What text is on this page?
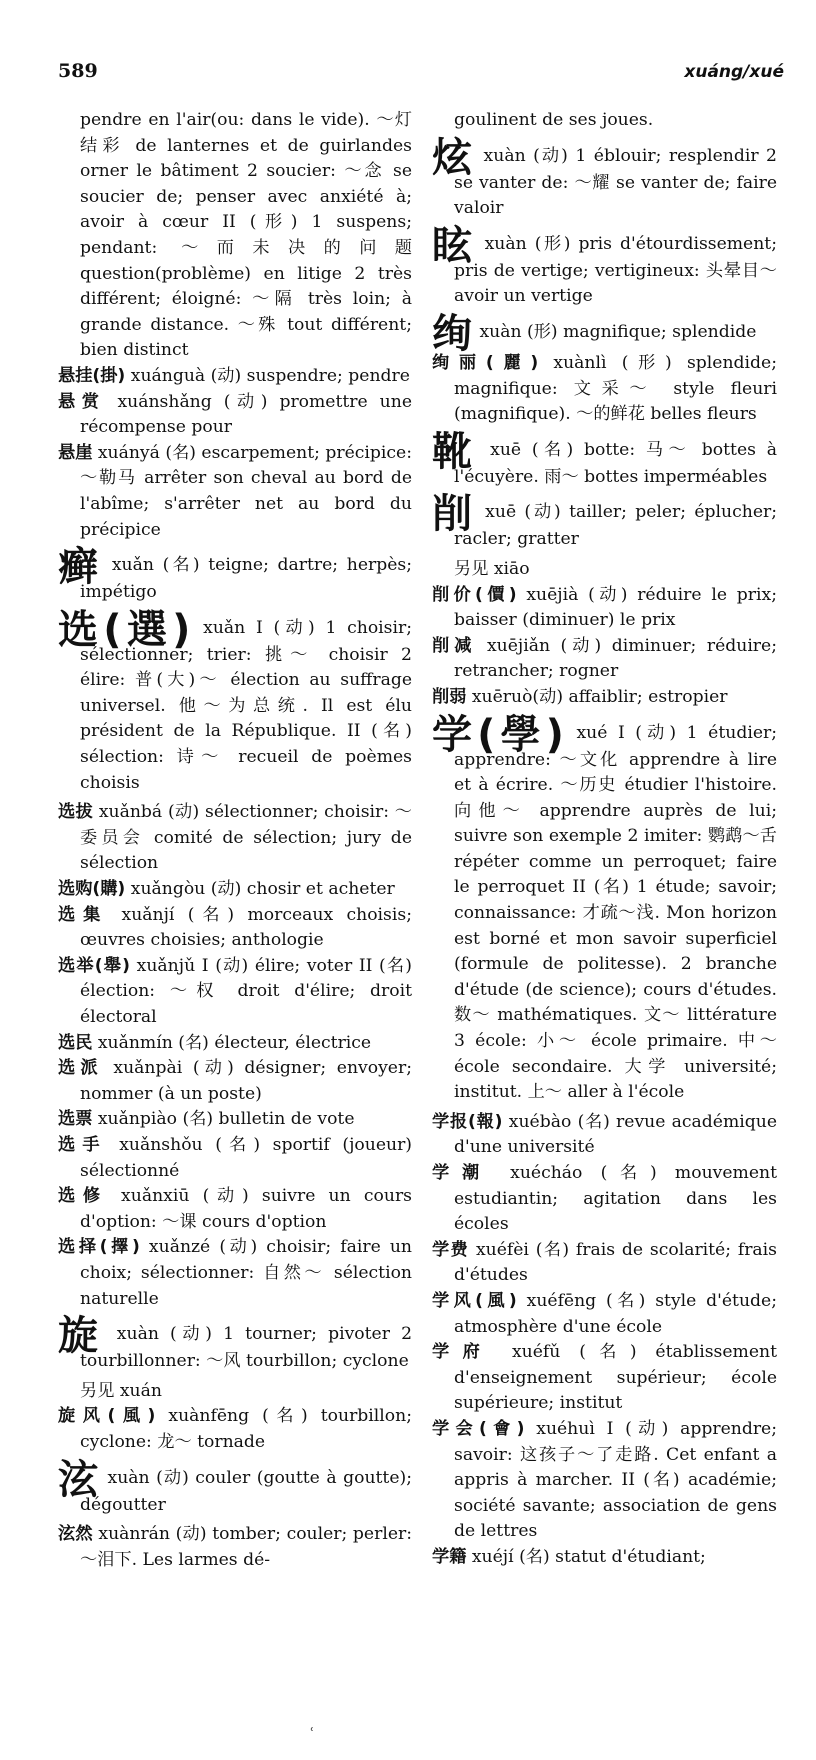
589	xuáng/xué
pendre en l'air(ou: dans le vide). ～灯结彩 de lanternes et de guirlandes orner le bâtiment 2 soucier: ～念 se soucier de; penser avec anxiété à; avoir à cœur II (形) 1 suspens; pendant: ～而未决的问题 question(problème) en litige 2 très différent; éloigné: ～隔 très loin; à grande distance. ～殊 tout différent; bien distinct
悬挂(掛) xuánguà (动) suspendre; pendre
悬赏 xuánshǎng (动) promettre une récompense pour
悬崖 xuányá (名) escarpement; précipice: ～勒马 arrêter son cheval au bord de l'abîme; s'arrêter net au bord du précipice
癣 xuǎn (名) teigne; dartre; herpès; impétigo
选(選) xuǎn I (动) 1 choisir; sélectionner; trier: 挑～ choisir 2 élire: 普(大)～ élection au suffrage universel. 他～为总统. Il est élu président de la République. II (名) sélection: 诗～ recueil de poèmes choisis
选拔 xuǎnbá (动) sélectionner; choisir: ～委员会 comité de sélection; jury de sélection
选购(購) xuǎngòu (动) chosir et acheter
选集 xuǎnjí (名) morceaux choisis; œuvres choisies; anthologie
选举(舉) xuǎnjǔ I (动) élire; voter II (名) élection: ～权 droit d'élire; droit électoral
选民 xuǎnmín (名) électeur, électrice
选派 xuǎnpài (动) désigner; envoyer; nommer (à un poste)
选票 xuǎnpiào (名) bulletin de vote
选手 xuǎnshǒu (名) sportif (joueur) sélectionné
选修 xuǎnxiū (动) suivre un cours d'option: ～课 cours d'option
选择(擇) xuǎnzé (动) choisir; faire un choix; sélectionner: 自然～ sélection naturelle
旋 xuàn (动) 1 tourner; pivoter 2 tourbillonner: ～风 tourbillon; cyclone
另见 xuán
旋风(風) xuànfēng (名) tourbillon; cyclone: 龙～ tornade
泫 xuàn (动) couler (goutte à goutte); dégoutter
泫然 xuànrán (动) tomber; couler; perler: ～泪下. Les larmes dé-
goulinent de ses joues.
炫 xuàn (动) 1 éblouir; resplendir 2 se vanter de: ～耀 se vanter de; faire valoir
眩 xuàn (形) pris d'étourdissement; pris de vertige; vertigineux: 头晕目～ avoir un vertige
绚 xuàn (形) magnifique; splendide
绚丽(麗) xuànlì (形) splendide; magnifique: 文采～ style fleuri (magnifique). ～的鲜花 belles fleurs
靴 xuē (名) botte: 马～ bottes à l'écuyère. 雨～ bottes imperméables
削 xuē (动) tailler; peler; éplucher; racler; gratter
另见 xiāo
削价(價) xuējià (动) réduire le prix; baisser (diminuer) le prix
削减 xuējiǎn (动) diminuer; réduire; retrancher; rogner
削弱 xuēruò(动) affaiblir; estropier
学(學) xué I (动) 1 étudier; apprendre: ～文化 apprendre à lire et à écrire. ～历史 étudier l'histoire. 向他～ apprendre auprès de lui; suivre son exemple 2 imiter: 鹦鹉～舌 répéter comme un perroquet; faire le perroquet II (名) 1 étude; savoir; connaissance: 才疏～浅. Mon horizon est borné et mon savoir superficiel (formule de politesse). 2 branche d'étude (de science); cours d'études. 数～ mathématiques. 文～ littérature 3 école: 小～ école primaire. 中～ école secondaire. 大学 université; institut. 上～ aller à l'école
学报(報) xuébào (名) revue académique d'une université
学潮 xuécháo (名) mouvement estudiantin; agitation dans les écoles
学费 xuéfèi (名) frais de scolarité; frais d'études
学风(風) xuéfēng (名) style d'étude; atmosphère d'une école
学府 xuéfǔ (名) établissement d'enseignement supérieur; école supérieure; institut
学会(會) xuéhuì I (动) apprendre; savoir: 这孩子～了走路. Cet enfant a appris à marcher. II (名) académie; société savante; association de gens de lettres
学籍 xuéjí (名) statut d'étudiant;
ʿ
